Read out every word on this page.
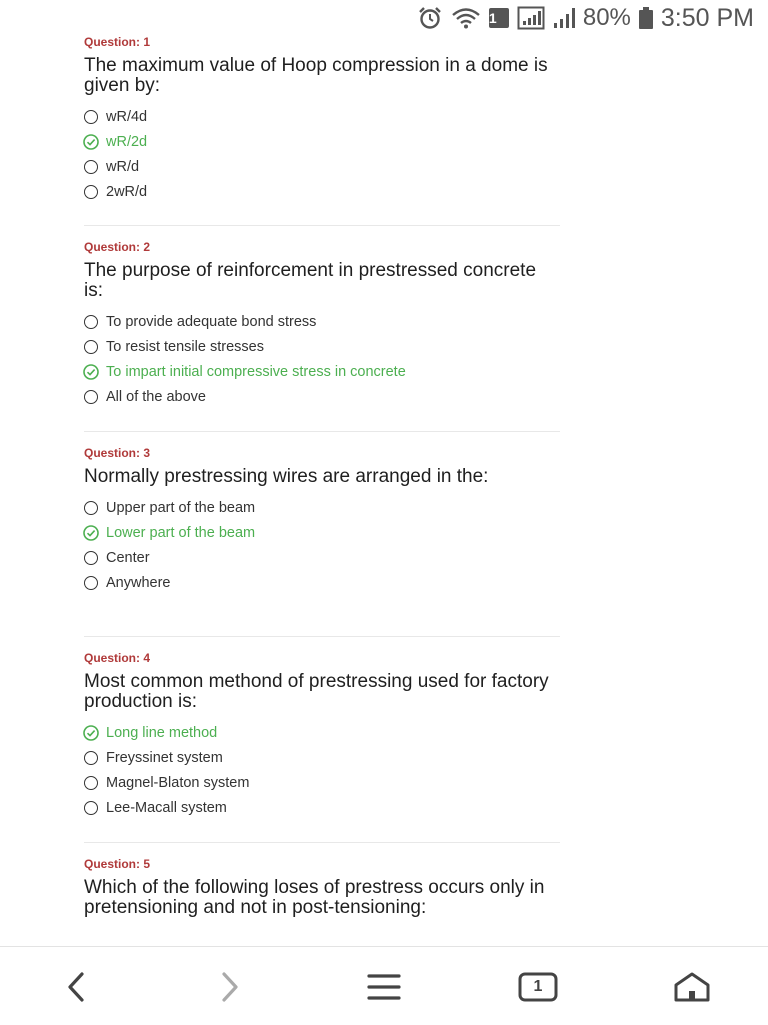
1	80% 3:50 PM
Question: 1
The maximum value of Hoop compression in a dome is given by:
wR/4d
wR/2d
wR/d
2wR/d
Question: 2
The purpose of reinforcement in prestressed concrete is:
To provide adequate bond stress
To resist tensile stresses
To impart initial compressive stress in concrete
All of the above
Question: 3
Normally prestressing wires are arranged in the:
Upper part of the beam
Lower part of the beam
Center
Anywhere
Question: 4
Most common methond of prestressing used for factory production is:
Long line method
Freyssinet system
Magnel-Blaton system
Lee-Macall system
Question: 5
Which of the following loses of prestress occurs only in pretensioning and not in post-tensioning:
1
